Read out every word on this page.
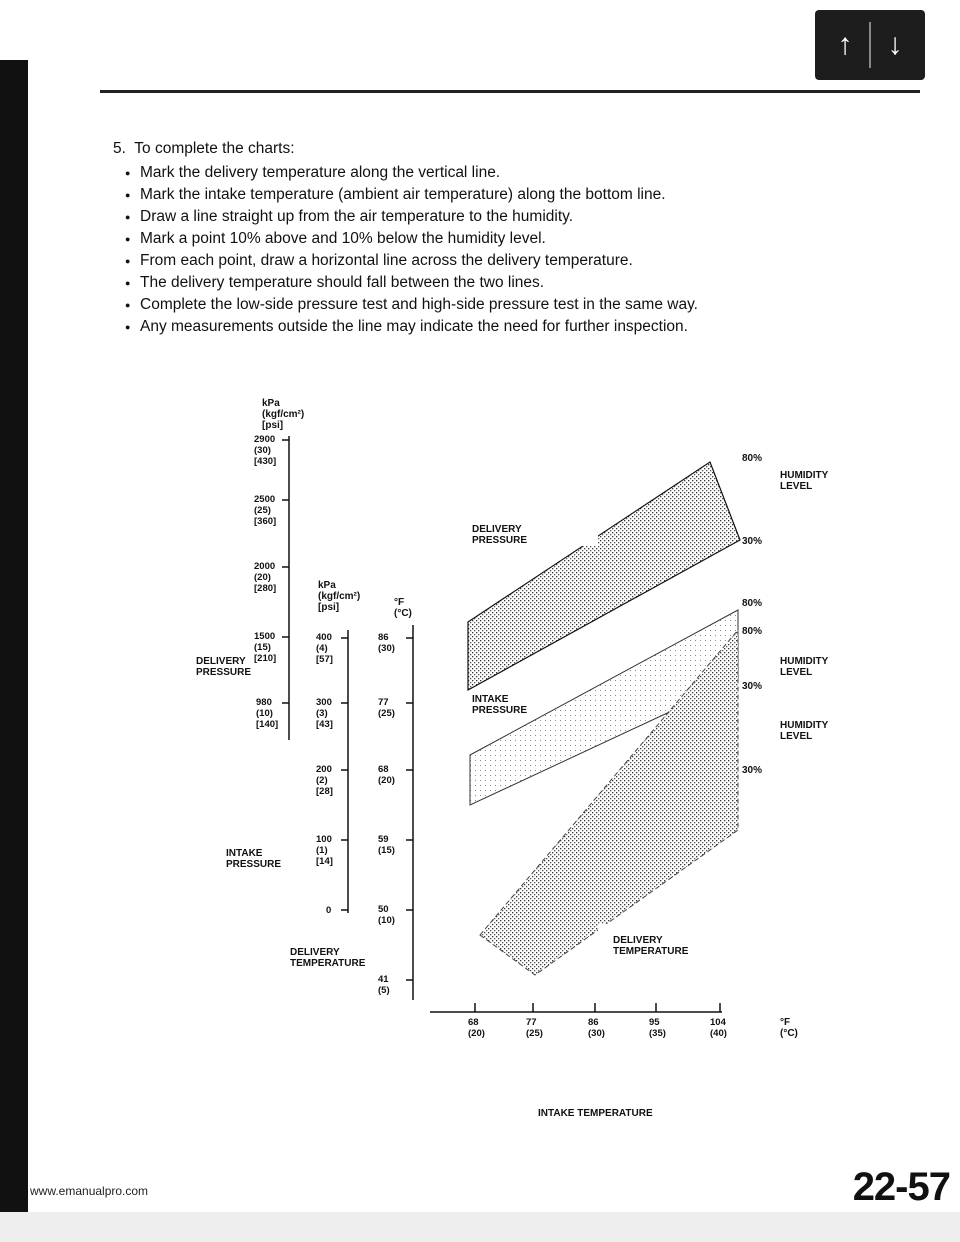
↑	↓
5. To complete the charts:
● Mark the delivery temperature along the vertical line.
● Mark the intake temperature (ambient air temperature) along the bottom line.
● Draw a line straight up from the air temperature to the humidity.
● Mark a point 10% above and 10% below the humidity level.
● From each point, draw a horizontal line across the delivery temperature.
● The delivery temperature should fall between the two lines.
● Complete the low-side pressure test and high-side pressure test in the same way.
● Any measurements outside the line may indicate the need for further inspection.
kPa
(kgf/cm²)
[psi]
2900
(30)
[430]
2500
(25)
[360]
2000
(20)
[280]
1500
(15)
[210]
980
(10)
[140]
DELIVERY
PRESSURE
kPa
(kgf/cm²)
[psi]
400
(4)
[57]
300
(3)
[43]
200
(2)
[28]
100
(1)
[14]
0
INTAKE
PRESSURE
°F
(°C)
86
(30)
77
(25)
68
(20)
59
(15)
50
(10)
41
(5)
DELIVERY
TEMPERATURE
68
(20)
77
(25)
86
(30)
95
(35)
104
(40)
°F
(°C)
INTAKE TEMPERATURE
DELIVERY
PRESSURE
INTAKE
PRESSURE
DELIVERY
TEMPERATURE
80%
30%
80%
80%
30%
30%
HUMIDITY
LEVEL
HUMIDITY
LEVEL
HUMIDITY
LEVEL
22-57
www.emanualpro.com
